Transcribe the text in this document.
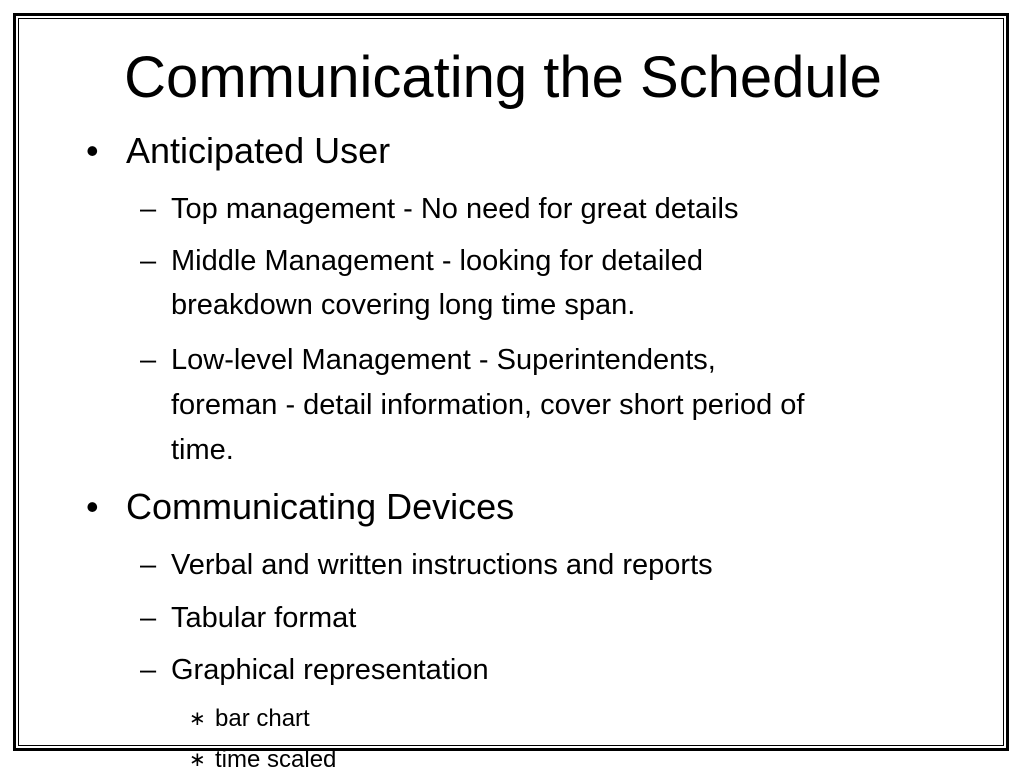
Communicating the Schedule
• Anticipated User
– Top management - No need for great details
– Middle Management - looking for detailed
breakdown covering long time span.
– Low-level Management - Superintendents,
foreman - detail information, cover short period of
time.
• Communicating Devices
– Verbal and written instructions and reports
– Tabular format
– Graphical representation
∗ bar chart
∗ time scaled
